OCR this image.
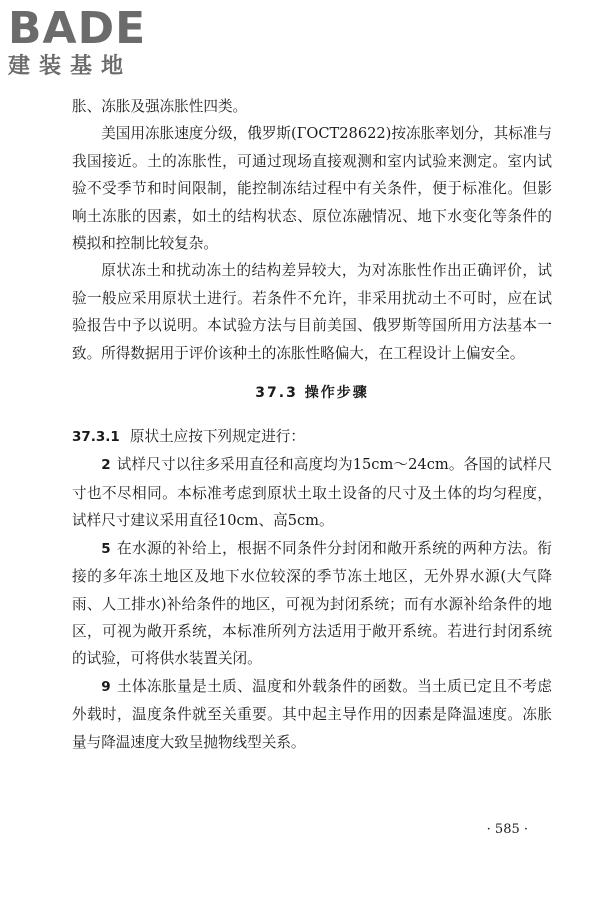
BADE
建装基地

胀、冻胀及强冻胀性四类。

美国用冻胀速度分级，俄罗斯(ГОСТ28622)按冻胀率划分，其标准与我国接近。土的冻胀性，可通过现场直接观测和室内试验来测定。室内试验不受季节和时间限制，能控制冻结过程中有关条件，便于标准化。但影响土冻胀的因素，如土的结构状态、原位冻融情况、地下水变化等条件的模拟和控制比较复杂。

原状冻土和扰动冻土的结构差异较大，为对冻胀性作出正确评价，试验一般应采用原状土进行。若条件不允许，非采用扰动土不可时，应在试验报告中予以说明。本试验方法与目前美国、俄罗斯等国所用方法基本一致。所得数据用于评价该种土的冻胀性略偏大，在工程设计上偏安全。

37.3 操作步骤

37.3.1 原状土应按下列规定进行：

2 试样尺寸以往多采用直径和高度均为15cm～24cm。各国的试样尺寸也不尽相同。本标准考虑到原状土取土设备的尺寸及土体的均匀程度，试样尺寸建议采用直径10cm、高5cm。

5 在水源的补给上，根据不同条件分封闭和敞开系统的两种方法。衔接的多年冻土地区及地下水位较深的季节冻土地区，无外界水源(大气降雨、人工排水)补给条件的地区，可视为封闭系统；而有水源补给条件的地区，可视为敞开系统，本标准所列方法适用于敞开系统。若进行封闭系统的试验，可将供水装置关闭。

9 土体冻胀量是土质、温度和外载条件的函数。当土质已定且不考虑外载时，温度条件就至关重要。其中起主导作用的因素是降温速度。冻胀量与降温速度大致呈抛物线型关系。

· 585 ·
